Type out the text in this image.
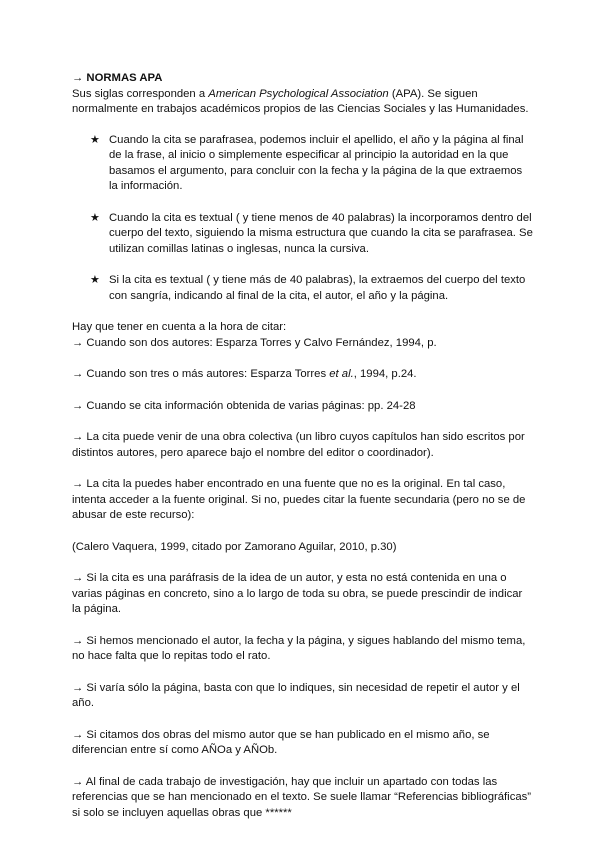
→ NORMAS APA

Sus siglas corresponden a American Psychological Association (APA). Se siguen normalmente en trabajos académicos propios de las Ciencias Sociales y las Humanidades.

★ Cuando la cita se parafrasea, podemos incluir el apellido, el año y la página al final de la frase, al inicio o simplemente especificar al principio la autoridad en la que basamos el argumento, para concluir con la fecha y la página de la que extraemos la información.
★ Cuando la cita es textual ( y tiene menos de 40 palabras) la incorporamos dentro del cuerpo del texto, siguiendo la misma estructura que cuando la cita se parafrasea. Se utilizan comillas latinas o inglesas, nunca la cursiva.
★ Si la cita es textual ( y tiene más de 40 palabras), la extraemos del cuerpo del texto con sangría, indicando al final de la cita, el autor, el año y la página.

Hay que tener en cuenta a la hora de citar:

→ Cuando son dos autores: Esparza Torres y Calvo Fernández, 1994, p.

→ Cuando son tres o más autores: Esparza Torres et al., 1994, p.24.

→ Cuando se cita información obtenida de varias páginas: pp. 24-28

→ La cita puede venir de una obra colectiva (un libro cuyos capítulos han sido escritos por distintos autores, pero aparece bajo el nombre del editor o coordinador).

→ La cita la puedes haber encontrado en una fuente que no es la original. En tal caso, intenta acceder a la fuente original. Si no, puedes citar la fuente secundaria (pero no se de abusar de este recurso):

(Calero Vaquera, 1999, citado por Zamorano Aguilar, 2010, p.30)

→ Si la cita es una paráfrasis de la idea de un autor, y esta no está contenida en una o varias páginas en concreto, sino a lo largo de toda su obra, se puede prescindir de indicar la página.

→ Si hemos mencionado el autor, la fecha y la página, y sigues hablando del mismo tema, no hace falta que lo repitas todo el rato.

→ Si varía sólo la página, basta con que lo indiques, sin necesidad de repetir el autor y el año.

→ Si citamos dos obras del mismo autor que se han publicado en el mismo año, se diferencian entre sí como AÑOa y AÑOb.

→ Al final de cada trabajo de investigación, hay que incluir un apartado con todas las referencias que se han mencionado en el texto. Se suele llamar “Referencias bibliográficas” si solo se incluyen aquellas obras que ******
